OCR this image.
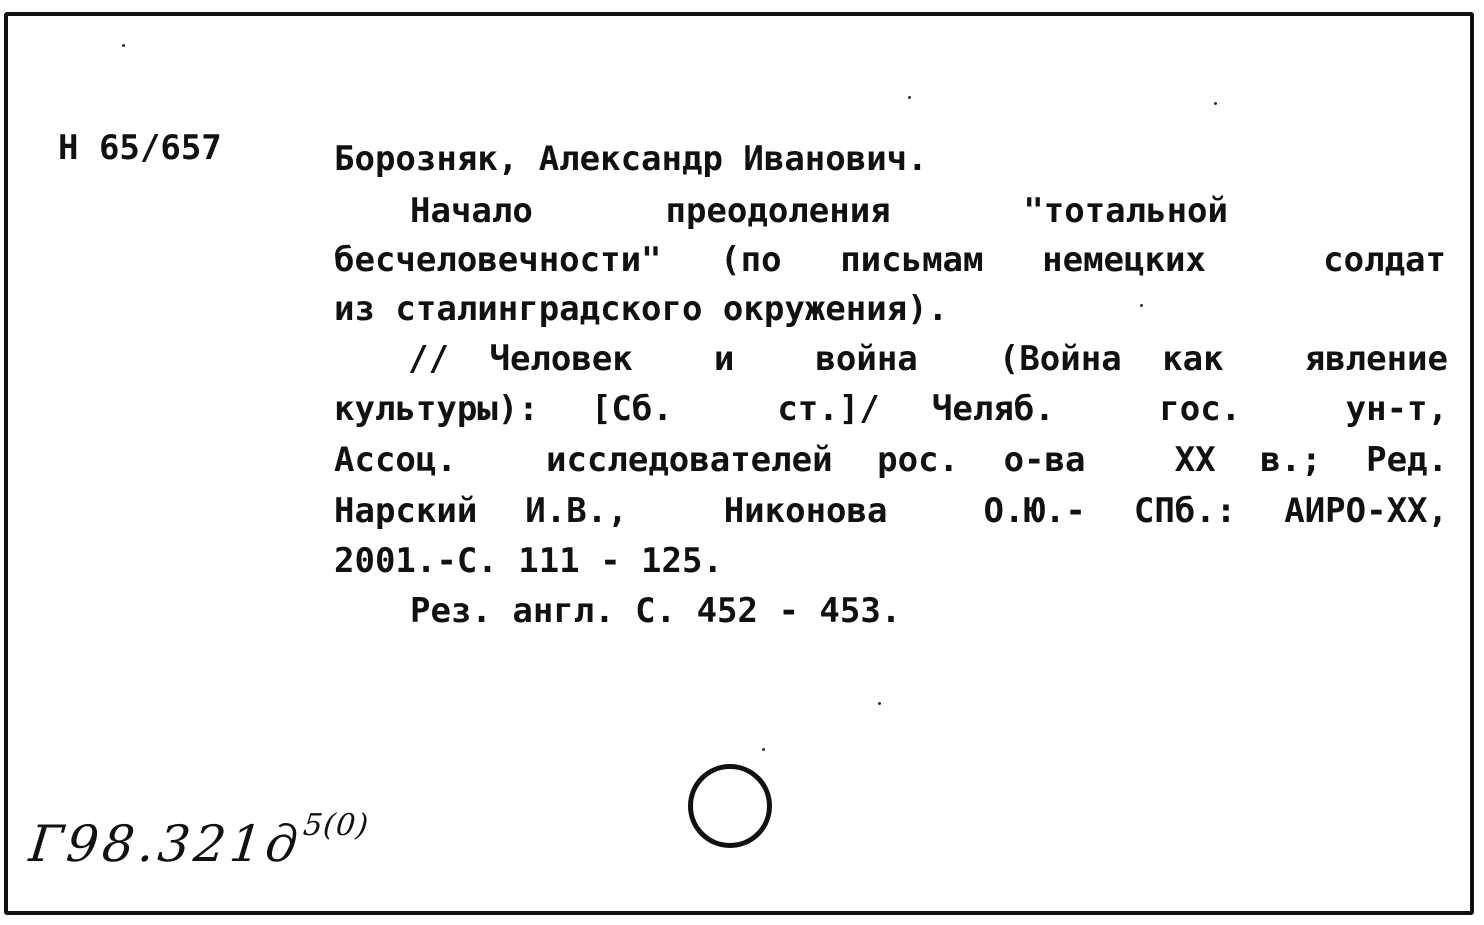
Н 65/657	Борозняк, Александр Иванович.
Начало   преодоления   "тотальной
бесчеловечности" (по письмам немецких  солдат
из сталинградского окружения).
// Человек  и  война  (Война как  явление
культуры): [Сб.  ст.]/ Челяб.  гос.  ун-т,
Ассоц.  исследователей рос. о-ва  XX в.; Ред.
Нарский И.В.,  Никонова  О.Ю.- СПб.: АИРО-XX,
2001.-С. 111 - 125.
Рез. англ. С. 452 - 453.
$Г98.321д^{5(0)}$
